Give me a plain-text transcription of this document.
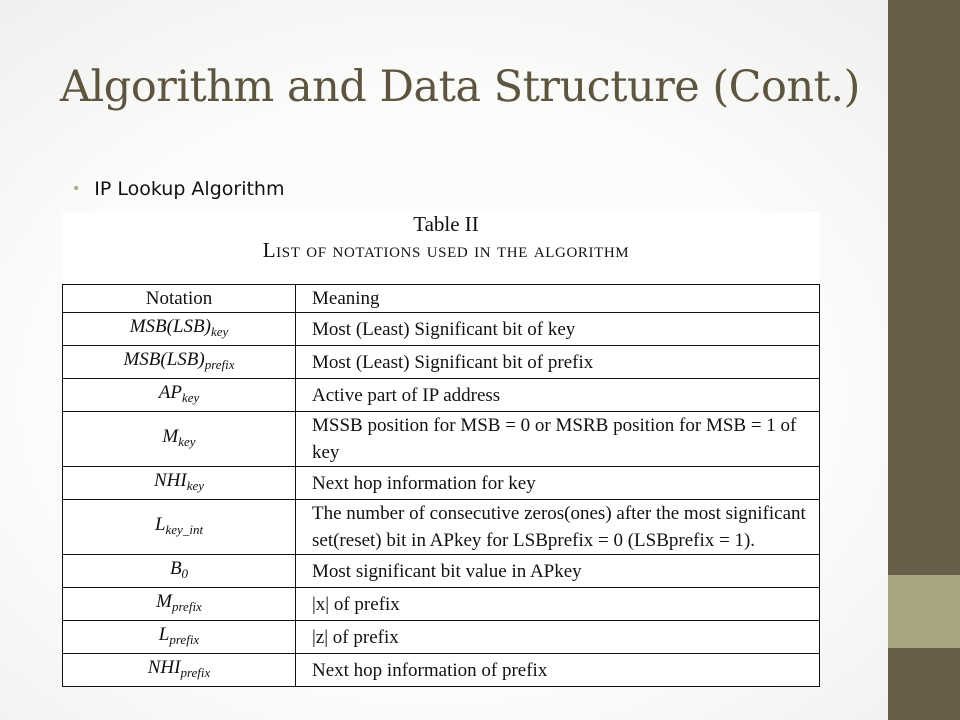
Algorithm and Data Structure (Cont.)
• IP Lookup Algorithm
Table II
List of notations used in the algorithm
Notation	Meaning
$MSB(LSB)_{key}$	Most (Least) Significant bit of key
$MSB(LSB)_{prefix}$	Most (Least) Significant bit of prefix
$AP_{key}$	Active part of IP address
$M_{key}$	MSSB position for MSB = 0 or MSRB position for MSB = 1 of key
$NHI_{key}$	Next hop information for key
$L_{key\_int}$	The number of consecutive zeros(ones) after the most significant set(reset) bit in APkey for LSBprefix = 0 (LSBprefix = 1).
$B_0$	Most significant bit value in APkey
$M_{prefix}$	|x| of prefix
$L_{prefix}$	|z| of prefix
$NHI_{prefix}$	Next hop information of prefix
